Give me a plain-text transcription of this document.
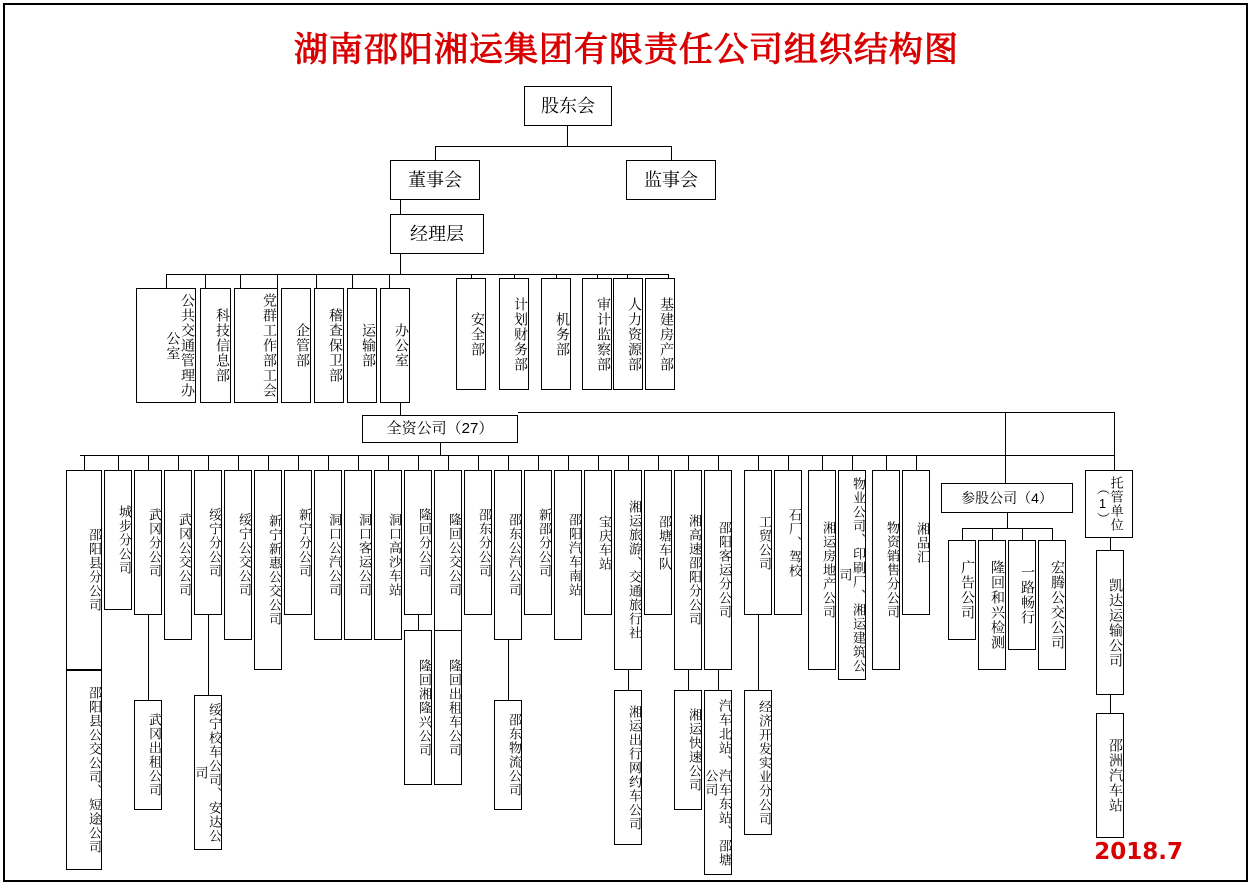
湖南邵阳湘运集团有限责任公司组织结构图
2018.7
股东会
董事会	监事会
经理层
公共交通管理办公室	科技信息部 党群工作部工会 企管部 稽查保卫部 运输部 办公室	安全部 计划财务部 机务部 审计监察部 人力资源部 基建房产部
全资公司（27）
邵阳县分公司
邵阳县公交公司、短途公司
城步分公司 武冈分公司
武冈出租公司
武冈公交公司 绥宁分公司
绥宁校车公司、安达公司
绥宁公交公司 新宁新惠公交公司 新宁分公司 洞口公汽公司 洞口客运公司 洞口高沙车站 隆回分公司
隆回湘隆兴公司
隆回公交公司
隆回出租车公司
邵东分公司 邵东公汽公司
邵东物流公司
新邵分公司 邵阳汽车南站 宝庆车站 湘运旅游、交通旅行社
湘运出行网约车公司
邵塘车队 湘高速邵阳分公司
湘运快速公司
邵阳客运分公司
汽车北站、汽车东站、邵塘公司
工贸公司
经济开发实业分公司
石厂、驾校 湘运房地产公司	物业公司、印刷厂、湘运建筑公司	物资销售分公司 湘品汇
参股公司（4）
广告公司 隆回和兴检测 一路畅行 宏腾公交公司
托管单位（1）
凯达运输公司
邵洲汽车站
